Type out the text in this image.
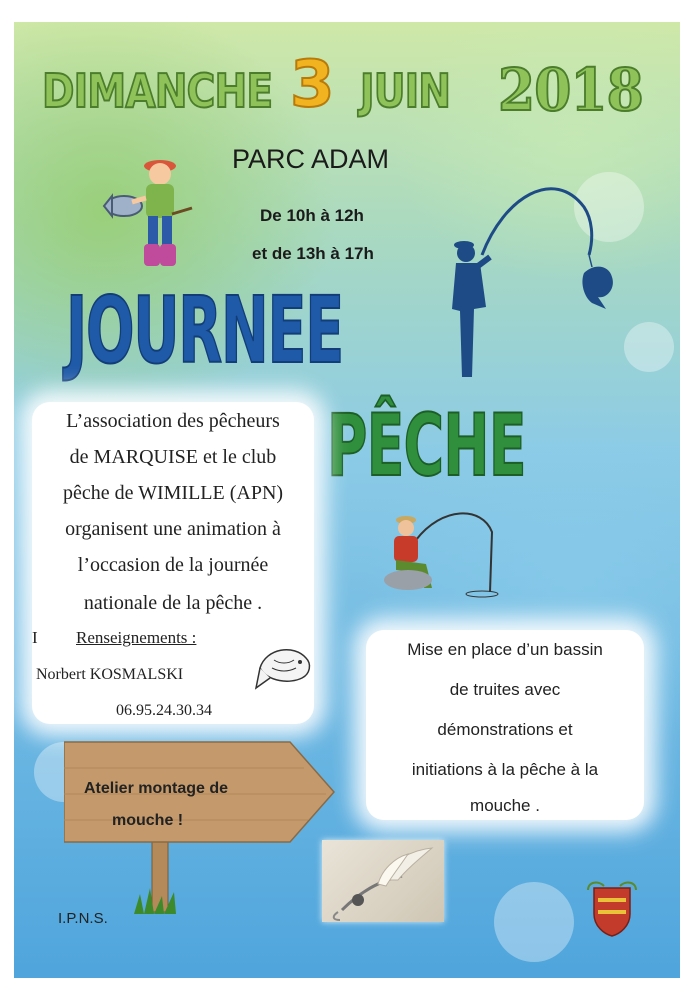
DIMANCHE 3 JUIN 2018
PARC ADAM
De 10h à 12h
et de 13h à 17h
JOURNEE
PÊCHE
L’association des pêcheurs
de MARQUISE et le club
pêche de WIMILLE (APN)
organisent une animation à
l’occasion de la journée
nationale de la pêche .
I Renseignements :
Norbert KOSMALSKI
06.95.24.30.34
Mise en place d’un bassin
de truites avec
démonstrations et
initiations à la pêche à la
mouche .
Atelier montage de
mouche !
I.P.N.S.
